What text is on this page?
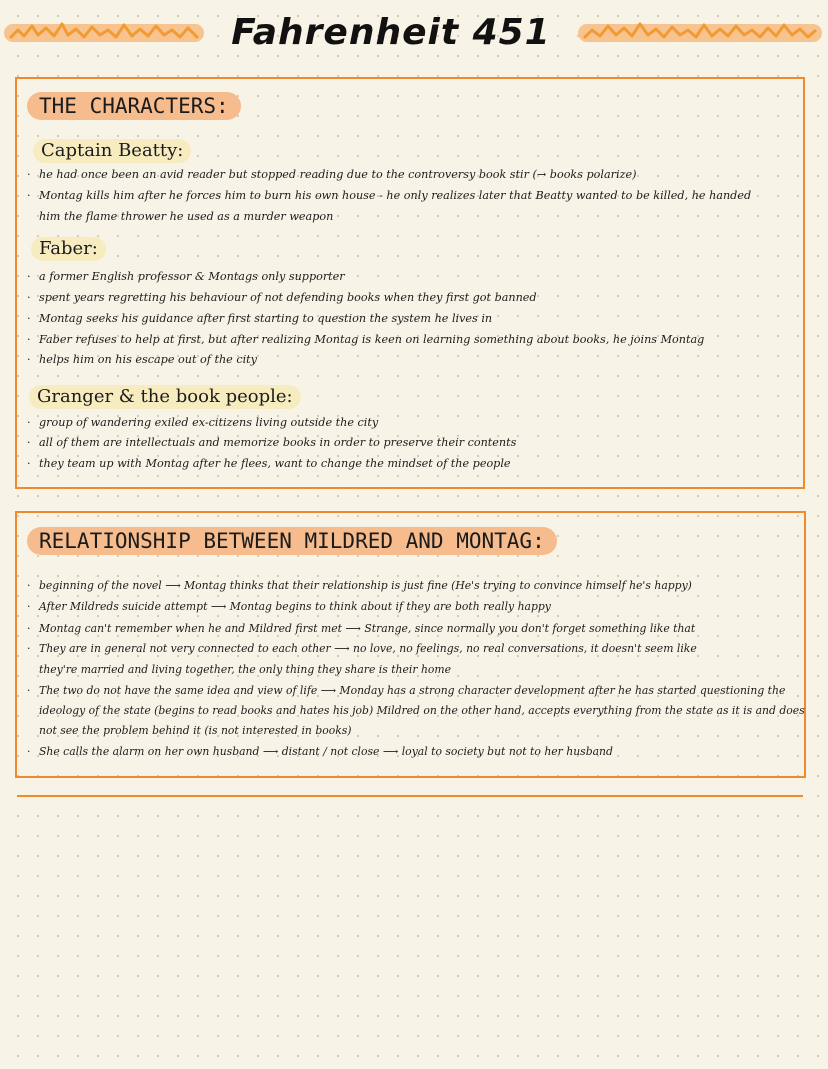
Fahrenheit 451
THE CHARACTERS:
Captain Beatty:
· he had once been an avid reader but stopped reading due to the controversy book stir (→ books polarize)
· Montag kills him after he forces him to burn his own house - he only realizes later that Beatty wanted to be killed, he handed
him the flame thrower he used as a murder weapon
Faber:
· a former English professor & Montags only supporter
· spent years regretting his behaviour of not defending books when they first got banned
· Montag seeks his guidance after first starting to question the system he lives in
· Faber refuses to help at first, but after realizing Montag is keen on learning something about books, he joins Montag
· helps him on his escape out of the city
Granger & the book people:
· group of wandering exiled ex-citizens living outside the city
· all of them are intellectuals and memorize books in order to preserve their contents
· they team up with Montag after he flees, want to change the mindset of the people
RELATIONSHIP BETWEEN MILDRED AND MONTAG:
· beginning of the novel ⟶ Montag thinks that their relationship is just fine (He's trying to convince himself he's happy)
· After Mildreds suicide attempt ⟶ Montag begins to think about if they are both really happy
· Montag can't remember when he and Mildred first met ⟶ Strange, since normally you don't forget something like that
· They are in general not very connected to each other ⟶ no love, no feelings, no real conversations, it doesn't seem like
they're married and living together, the only thing they share is their home
· The two do not have the same idea and view of life ⟶ Monday has a strong character development after he has started questioning the
ideology of the state (begins to read books and hates his job) Mildred on the other hand, accepts everything from the state as it is and does
not see the problem behind it (is not interested in books)
· She calls the alarm on her own husband ⟶ distant / not close ⟶ loyal to society but not to her husband
